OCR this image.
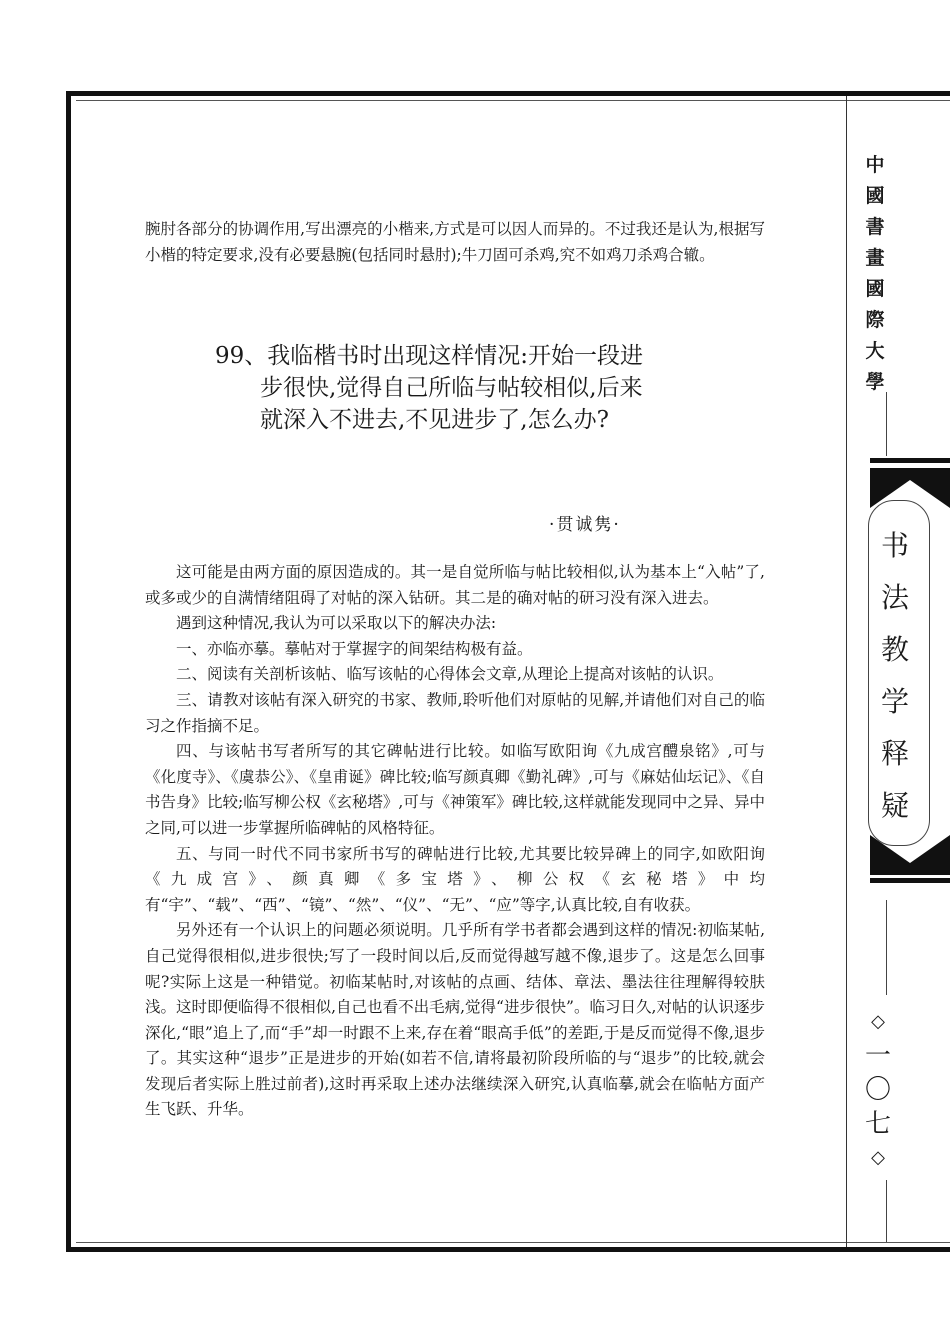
中
國
書
畫
國
際
大
學
书
法
教
学
释
疑
◇
一
〇
七
◇

腕肘各部分的协调作用,写出漂亮的小楷来,方式是可以因人而异的。不过我还是认为,根据写小楷的特定要求,没有必要悬腕(包括同时悬肘);牛刀固可杀鸡,究不如鸡刀杀鸡合辙。

99、我临楷书时出现这样情况:开始一段进
步很快,觉得自己所临与帖较相似,后来
就深入不进去,不见进步了,怎么办?
·贯诚隽·

这可能是由两方面的原因造成的。其一是自觉所临与帖比较相似,认为基本上“入帖”了,或多或少的自满情绪阻碍了对帖的深入钻研。其二是的确对帖的研习没有深入进去。

遇到这种情况,我认为可以采取以下的解决办法:

一、亦临亦摹。摹帖对于掌握字的间架结构极有益。

二、阅读有关剖析该帖、临写该帖的心得体会文章,从理论上提高对该帖的认识。

三、请教对该帖有深入研究的书家、教师,聆听他们对原帖的见解,并请他们对自己的临习之作指摘不足。

四、与该帖书写者所写的其它碑帖进行比较。如临写欧阳询《九成宫醴泉铭》,可与《化度寺》、《虞恭公》、《皇甫诞》碑比较;临写颜真卿《勤礼碑》,可与《麻姑仙坛记》、《自书告身》比较;临写柳公权《玄秘塔》,可与《神策军》碑比较,这样就能发现同中之异、异中之同,可以进一步掌握所临碑帖的风格特征。

五、与同一时代不同书家所书写的碑帖进行比较,尤其要比较异碑上的同字,如欧阳询《九成宫》、颜真卿《多宝塔》、柳公权《玄秘塔》中均有“宇”、“载”、“西”、“镜”、“然”、“仪”、“无”、“应”等字,认真比较,自有收获。

另外还有一个认识上的问题必须说明。几乎所有学书者都会遇到这样的情况:初临某帖,自己觉得很相似,进步很快;写了一段时间以后,反而觉得越写越不像,退步了。这是怎么回事呢?实际上这是一种错觉。初临某帖时,对该帖的点画、结体、章法、墨法往往理解得较肤浅。这时即便临得不很相似,自己也看不出毛病,觉得“进步很快”。临习日久,对帖的认识逐步深化,“眼”追上了,而“手”却一时跟不上来,存在着“眼高手低”的差距,于是反而觉得不像,退步了。其实这种“退步”正是进步的开始(如若不信,请将最初阶段所临的与“退步”的比较,就会发现后者实际上胜过前者),这时再采取上述办法继续深入研究,认真临摹,就会在临帖方面产生飞跃、升华。
